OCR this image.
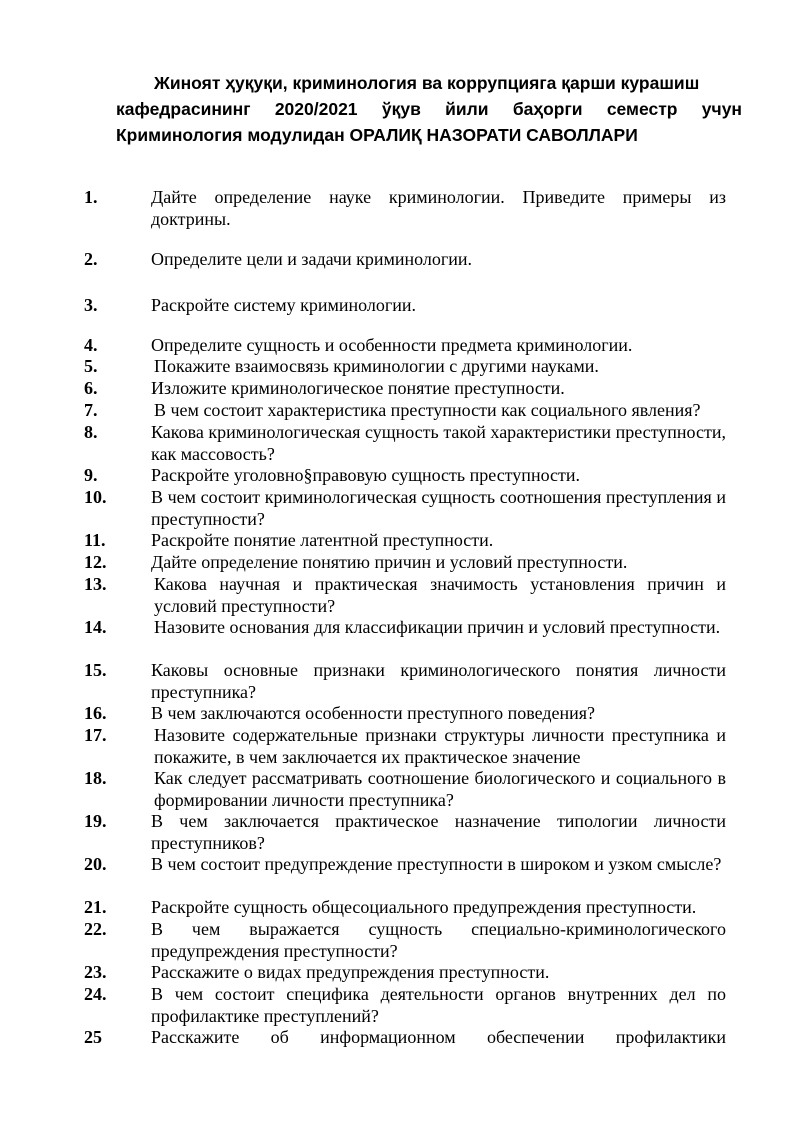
Жиноят ҳуқуқи, криминология ва коррупцияга қарши курашиш
кафедрасининг 2020/2021 ўқув йили баҳорги семестр учун
Криминология модулидан ОРАЛИҚ НАЗОРАТИ САВОЛЛАРИ
1.	Дайте определение науке криминологии. Приведите примеры из доктрины.
2.	Определите цели и задачи криминологии.
3.	Раскройте систему криминологии.
4.	Определите сущность и особенности предмета криминологии.
5.	Покажите взаимосвязь криминологии с другими науками.
6.	Изложите криминологическое понятие преступности.
7.	В чем состоит характеристика преступности как социального явления?
8.	Какова криминологическая сущность такой характеристики преступности, как массовость?
9.	Раскройте уголовно§правовую сущность преступности.
10.	В чем состоит криминологическая сущность соотношения преступления и преступности?
11.	Раскройте понятие латентной преступности.
12.	Дайте определение понятию причин и условий преступности.
13.	Какова научная и практическая значимость установления причин и условий преступности?
14.	Назовите основания для классификации причин и условий преступности.
15.	Каковы основные признаки криминологического понятия личности преступника?
16.	В чем заключаются особенности преступного поведения?
17.	Назовите содержательные признаки структуры личности преступника и покажите, в чем заключается их практическое значение
18.	Как следует рассматривать соотношение биологического и социального в формировании личности преступника?
19.	В чем заключается практическое назначение типологии личности преступников?
20.	В чем состоит предупреждение преступности в широком и узком смысле?
21.	Раскройте сущность общесоциального предупреждения преступности.
22.	В чем выражается сущность специально-криминологического предупреждения преступности?
23.	Расскажите о видах предупреждения преступности.
24.	В чем состоит специфика деятельности органов внутренних дел по профилактике преступлений?
25	Расскажите об информационном обеспечении профилактики
